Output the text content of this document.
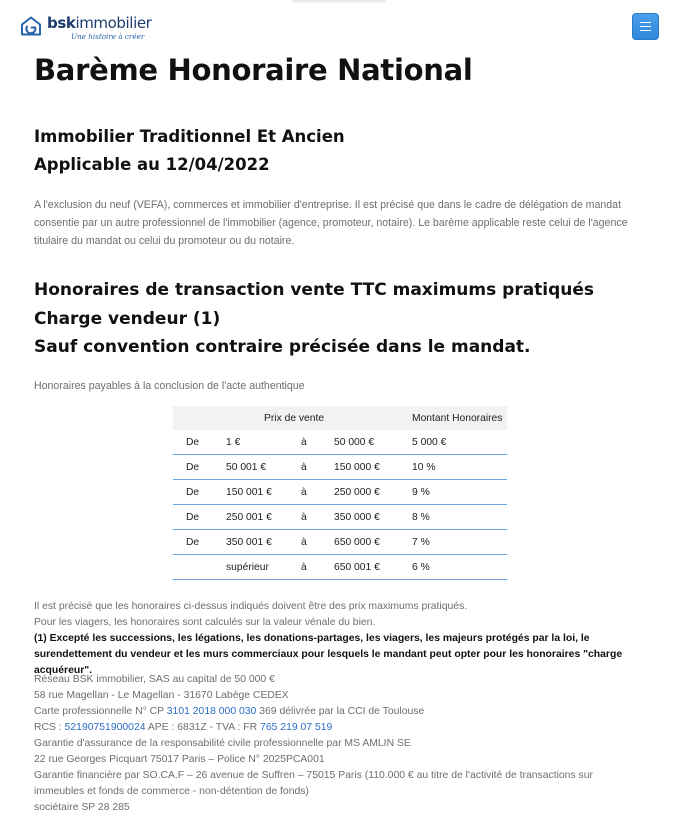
bskimmobilier
Une histoire à créer
Barème Honoraire National
Immobilier Traditionnel Et Ancien
Applicable au 12/04/2022

A l'exclusion du neuf (VEFA), commerces et immobilier d'entreprise. Il est précisé que dans le cadre de délégation de mandat consentie par un autre professionnel de l'immobilier (agence, promoteur, notaire). Le barème applicable reste celui de l'agence titulaire du mandat ou celui du promoteur ou du notaire.

Honoraires de transaction vente TTC maximums pratiqués
Charge vendeur (1)
Sauf convention contraire précisée dans le mandat.

Honoraires payables à la conclusion de l'acte authentique

	Prix de vente			Montant Honoraires
De	1 €	à	50 000 €	5 000 €
De	50 001 €	à	150 000 €	10 %
De	150 001 €	à	250 000 €	9 %
De	250 001 €	à	350 000 €	8 %
De	350 001 €	à	650 000 €	7 %
	supérieur	à	650 001 €	6 %
Il est précisé que les honoraires ci-dessus indiqués doivent être des prix maximums pratiqués.
Pour les viagers, les honoraires sont calculés sur la valeur vénale du bien.
(1) Excepté les successions, les légations, les donations-partages, les viagers, les majeurs protégés par la loi, le surendettement du vendeur et les murs commerciaux pour lesquels le mandant peut opter pour les honoraires "charge acquéreur".
Réseau BSK immobilier, SAS au capital de 50 000 €
58 rue Magellan - Le Magellan - 31670 Labège CEDEX
Carte professionnelle N° CP 3101 2018 000 030 369 délivrée par la CCI de Toulouse
RCS : 52190751900024 APE : 6831Z - TVA : FR 765 219 07 519
Garantie d'assurance de la responsabilité civile professionnelle par MS AMLIN SE
22 rue Georges Picquart 75017 Paris – Police N° 2025PCA001
Garantie financière par SO.CA.F – 26 avenue de Suffren – 75015 Paris (110.000 € au titre de l'activité de transactions sur immeubles et fonds de commerce - non-détention de fonds)
sociétaire SP 28 285
